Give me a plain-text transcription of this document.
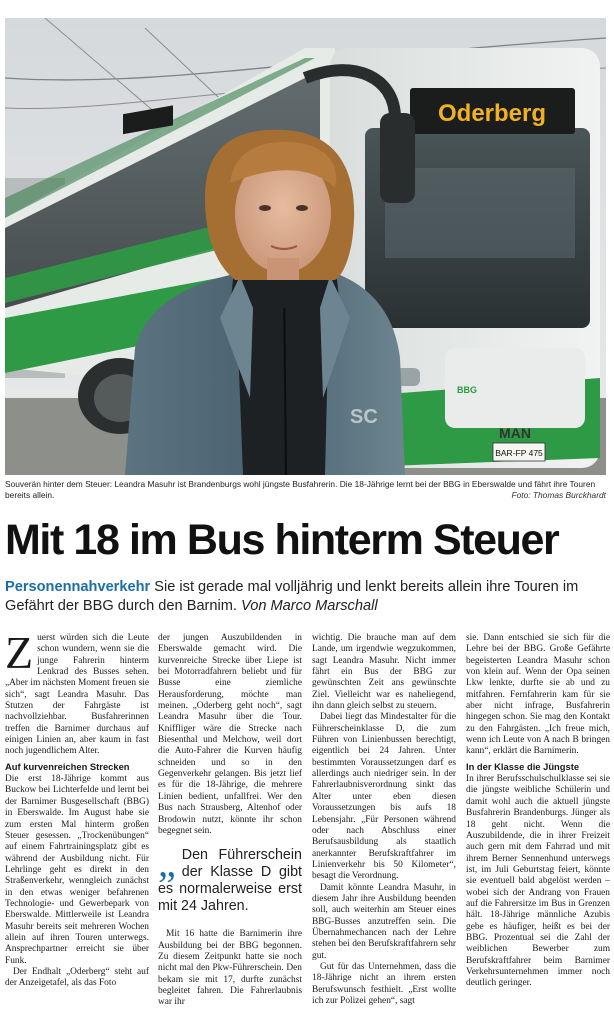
Oderberg
MAN
BBG
BAR-FP 475
SC
Souverän hinter dem Steuer: Leandra Masuhr ist Brandenburgs wohl jüngste Busfahrerin. Die 18-Jährige lernt bei der BBG in Eberswalde und fährt ihre Touren bereits allein.	Foto: Thomas Burckhardt
Mit 18 im Bus hinterm Steuer
Personennahverkehr Sie ist gerade mal volljährig und lenkt bereits allein ihre Touren im Gefährt der BBG durch den Barnim. Von Marco Marschall

Zuerst würden sich die Leute schon wundern, wenn sie die junge Fahrerin hinterm Lenkrad des Busses sehen. „Aber im nächsten Moment freuen sie sich“, sagt Leandra Masuhr. Das Stutzen der Fahrgäste ist nachvollziehbar. Busfahrerinnen treffen die Barnimer durchaus auf einigen Linien an, aber kaum in fast noch jugendlichem Alter.

Auf kurvenreichen Strecken

Die erst 18-Jährige kommt aus Buckow bei Lichterfelde und lernt bei der Barnimer Busgesellschaft (BBG) in Eberswalde. Im August habe sie zum ersten Mal hinterm großen Steuer gesessen. „Trockenübungen“ auf einem Fahrtrainingsplatz gibt es während der Ausbildung nicht. Für Lehrlinge geht es direkt in den Straßenverkehr, wenngleich zunächst in den etwas weniger befahrenen Technologie- und Gewerbepark von Eberswalde. Mittlerweile ist Leandra Masuhr bereits seit mehreren Wochen allein auf ihren Touren unterwegs. Ansprechpartner erreicht sie über Funk.

Der Endhalt „Oderberg“ steht auf der Anzeigetafel, als das Foto

der jungen Auszubildenden in Eberswalde gemacht wird. Die kurvenreiche Strecke über Liepe ist bei Motorradfahrern beliebt und für Busse eine ziemliche Herausforderung, möchte man meinen. „Oderberg geht noch“, sagt Leandra Masuhr über die Tour. Kniffliger wäre die Strecke nach Biesenthal und Melchow, weil dort die Auto-Fahrer die Kurven häufig schneiden und so in den Gegenverkehr gelangen. Bis jetzt lief es für die 18-Jährige, die mehrere Linien bedient, unfallfrei. Wer den Bus nach Strausberg, Altenhof oder Brodowin nutzt, könnte ihr schon begegnet sein.

„ Den Führerschein der Klasse D gibt es normalerweise erst mit 24 Jahren.

Mit 16 hatte die Barnimerin ihre Ausbildung bei der BBG begonnen. Zu diesem Zeitpunkt hatte sie noch nicht mal den Pkw-Führerschein. Den bekam sie mit 17, durfte zunächst begleitet fahren. Die Fahrerlaubnis war ihr

wichtig. Die brauche man auf dem Lande, um irgendwie wegzukommen, sagt Leandra Masuhr. Nicht immer fährt ein Bus der BBG zur gewünschten Zeit ans gewünschte Ziel. Vielleicht war es naheliegend, ihn dann gleich selbst zu steuern.

Dabei liegt das Mindestalter für die Führerscheinklasse D, die zum Führen von Linienbussen berechtigt, eigentlich bei 24 Jahren. Unter bestimmten Voraussetzungen darf es allerdings auch niedriger sein. In der Fahrerlaubnisverordnung sinkt das Alter unter eben diesen Voraussetzungen bis aufs 18 Lebensjahr. „Für Personen während oder nach Abschluss einer Berufsausbildung als staatlich anerkannter Berufskraftfahrer im Linienverkehr bis 50 Kilometer“, besagt die Verordnung.

Damit könnte Leandra Masuhr, in diesem Jahr ihre Ausbildung beenden soll, auch weiterhin am Steuer eines BBG-Busses anzutreffen sein. Die Übernahmechancen nach der Lehre stehen bei den Berufskraftfahrern sehr gut.

Gut für das Unternehmen, dass die 18-Jährige nicht an ihrem ersten Berufswunsch festhielt. „Erst wollte ich zur Polizei gehen“, sagt

sie. Dann entschied sie sich für die Lehre bei der BBG. Große Gefährte begeisterten Leandra Masuhr schon von klein auf. Wenn der Opa seinen Lkw lenkte, durfte sie ab und zu mitfahren. Fernfahrerin kam für sie aber nicht infrage, Busfahrerin hingegen schon. Sie mag den Kontakt zu den Fahrgästen. „Ich freue mich, wenn ich Leute von A nach B bringen kann“, erklärt die Barnimerin.

In der Klasse die Jüngste

In ihrer Berufsschulschulklasse sei sie die jüngste weibliche Schülerin und damit wohl auch die aktuell jüngste Busfahrerin Brandenburgs. Jünger als 18 geht nicht. Wenn die Auszubildende, die in ihrer Freizeit auch gern mit dem Fahrrad und mit ihrem Berner Sennenhund unterwegs ist, im Juli Geburtstag feiert, könnte sie eventuell bald abgelöst werden – wobei sich der Andrang von Frauen auf die Fahrersitze im Bus in Grenzen hält. 18-Jährige männliche Azubis gebe es häufiger, heißt es bei der BBG. Prozentual sei die Zahl der weiblichen Bewerber zum Berufskraftfahrer beim Barnimer Verkehrsunternehmen immer noch deutlich geringer.
